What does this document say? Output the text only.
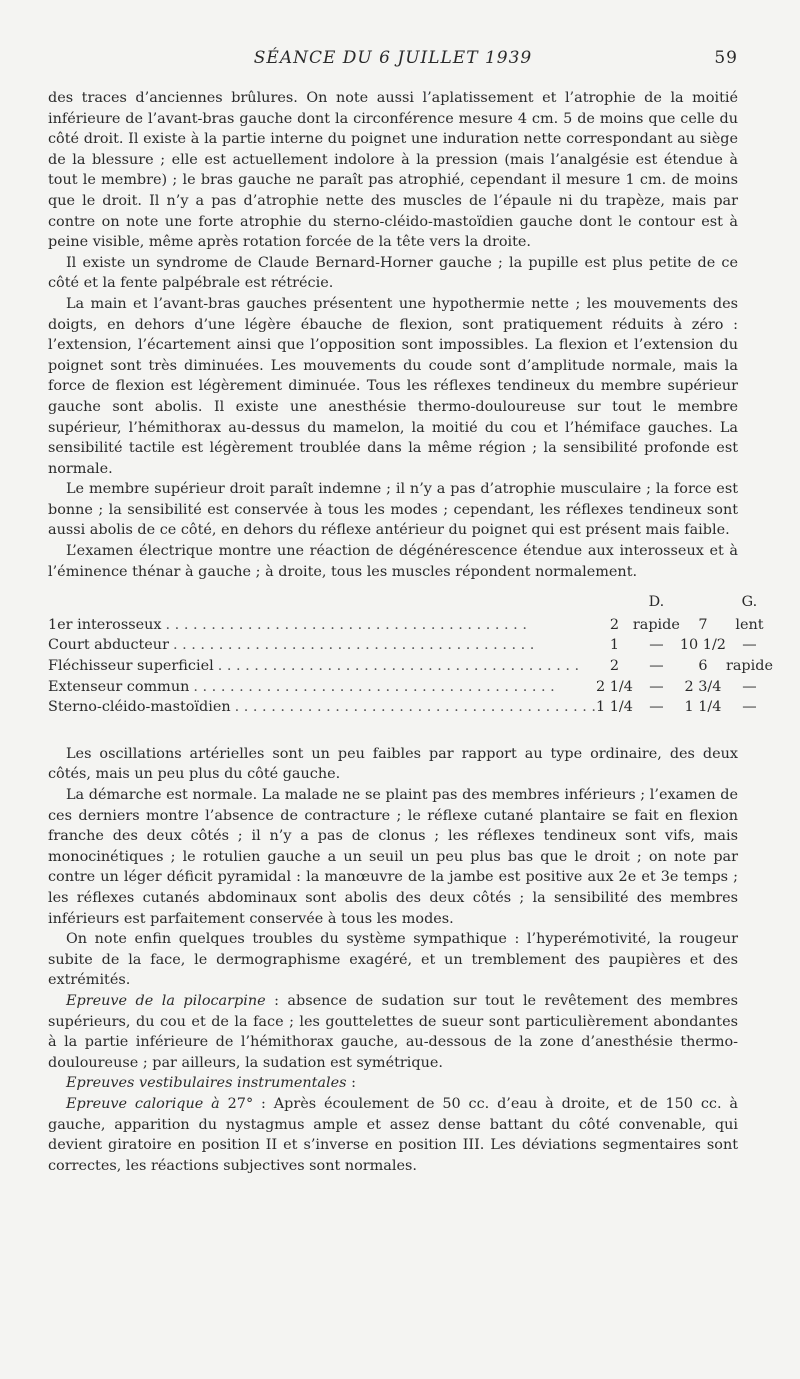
SÉANCE DU 6 JUILLET 1939	59

des traces d’anciennes brûlures. On note aussi l’aplatissement et l’atrophie de la moitié inférieure de l’avant-bras gauche dont la circonférence mesure 4 cm. 5 de moins que celle du côté droit. Il existe à la partie interne du poignet une induration nette correspondant au siège de la blessure ; elle est actuellement indolore à la pression (mais l’analgésie est étendue à tout le membre) ; le bras gauche ne paraît pas atrophié, cependant il mesure 1 cm. de moins que le droit. Il n’y a pas d’atrophie nette des muscles de l’épaule ni du trapèze, mais par contre on note une forte atrophie du sterno-cléido-mastoïdien gauche dont le contour est à peine visible, même après rotation forcée de la tête vers la droite.

Il existe un syndrome de Claude Bernard-Horner gauche ; la pupille est plus petite de ce côté et la fente palpébrale est rétrécie.

La main et l’avant-bras gauches présentent une hypothermie nette ; les mouvements des doigts, en dehors d’une légère ébauche de flexion, sont pratiquement réduits à zéro : l’extension, l’écartement ainsi que l’opposition sont impossibles. La flexion et l’extension du poignet sont très diminuées. Les mouvements du coude sont d’amplitude normale, mais la force de flexion est légèrement diminuée. Tous les réflexes tendineux du membre supérieur gauche sont abolis. Il existe une anesthésie thermo-douloureuse sur tout le membre supérieur, l’hémithorax au-dessus du mamelon, la moitié du cou et l’hémiface gauches. La sensibilité tactile est légèrement troublée dans la même région ; la sensibilité profonde est normale.

Le membre supérieur droit paraît indemne ; il n’y a pas d’atrophie musculaire ; la force est bonne ; la sensibilité est conservée à tous les modes ; cependant, les réflexes tendineux sont aussi abolis de ce côté, en dehors du réflexe antérieur du poignet qui est présent mais faible.

L’examen électrique montre une réaction de dégénérescence étendue aux interosseux et à l’éminence thénar à gauche ; à droite, tous les muscles répondent normalement.

		D.		G.
1er interosseux . . . . . . . . . . . . . . . . . . . . . . . . . . . . . . . . . . . . . . . .	2	rapide	7	lent
Court abducteur . . . . . . . . . . . . . . . . . . . . . . . . . . . . . . . . . . . . . . . .	1	—	10 1/2	—
Fléchisseur superficiel . . . . . . . . . . . . . . . . . . . . . . . . . . . . . . . . . . . . . . . .	2	—	6	rapide
Extenseur commun . . . . . . . . . . . . . . . . . . . . . . . . . . . . . . . . . . . . . . . .	2 1/4	—	2 3/4	—
Sterno-cléido-mastoïdien . . . . . . . . . . . . . . . . . . . . . . . . . . . . . . . . . . . . . . . .	1 1/4	—	1 1/4	—

Les oscillations artérielles sont un peu faibles par rapport au type ordinaire, des deux côtés, mais un peu plus du côté gauche.

La démarche est normale. La malade ne se plaint pas des membres inférieurs ; l’examen de ces derniers montre l’absence de contracture ; le réflexe cutané plantaire se fait en flexion franche des deux côtés ; il n’y a pas de clonus ; les réflexes tendineux sont vifs, mais monocinétiques ; le rotulien gauche a un seuil un peu plus bas que le droit ; on note par contre un léger déficit pyramidal : la manœuvre de la jambe est positive aux 2e et 3e temps ; les réflexes cutanés abdominaux sont abolis des deux côtés ; la sensibilité des membres inférieurs est parfaitement conservée à tous les modes.

On note enfin quelques troubles du système sympathique : l’hyperémotivité, la rougeur subite de la face, le dermographisme exagéré, et un tremblement des paupières et des extrémités.

Epreuve de la pilocarpine : absence de sudation sur tout le revêtement des membres supérieurs, du cou et de la face ; les gouttelettes de sueur sont particulièrement abondantes à la partie inférieure de l’hémithorax gauche, au-dessous de la zone d’anesthésie thermo-douloureuse ; par ailleurs, la sudation est symétrique.

Epreuves vestibulaires instrumentales :

Epreuve calorique à 27° : Après écoulement de 50 cc. d’eau à droite, et de 150 cc. à gauche, apparition du nystagmus ample et assez dense battant du côté convenable, qui devient giratoire en position II et s’inverse en position III. Les déviations segmentaires sont correctes, les réactions subjectives sont normales.
